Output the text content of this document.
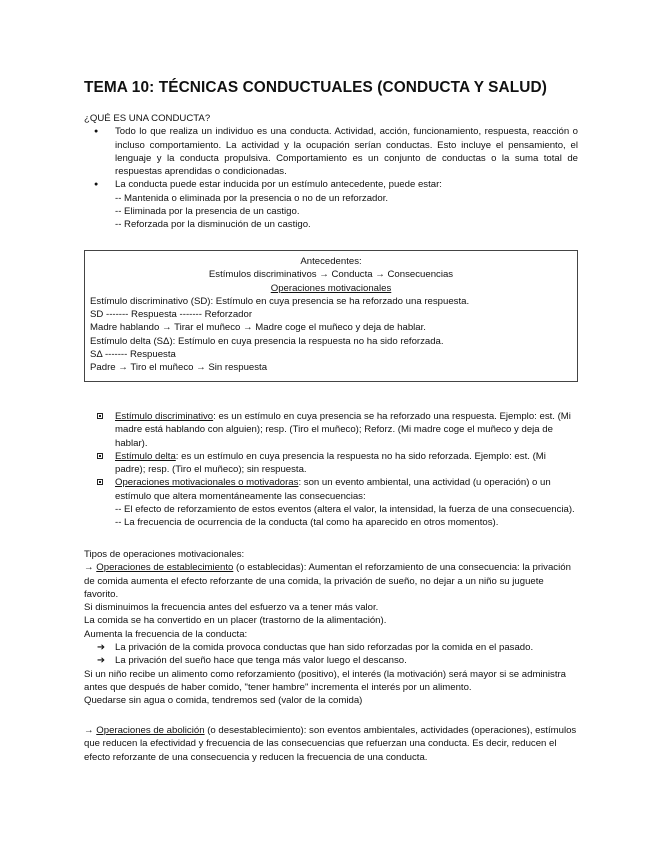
TEMA 10: TÉCNICAS CONDUCTUALES (CONDUCTA Y SALUD)
¿QUÉ ES UNA CONDUCTA?
● Todo lo que realiza un individuo es una conducta. Actividad, acción, funcionamiento, respuesta, reacción o incluso comportamiento. La actividad y la ocupación serían conductas. Esto incluye el pensamiento, el lenguaje y la conducta propulsiva. Comportamiento es un conjunto de conductas o la suma total de respuestas aprendidas o condicionadas.
● La conducta puede estar inducida por un estímulo antecedente, puede estar:
-- Mantenida o eliminada por la presencia o no de un reforzador.
-- Eliminada por la presencia de un castigo.
-- Reforzada por la disminución de un castigo.
Antecedentes:
Estímulos discriminativos → Conducta → Consecuencias
Operaciones motivacionales
Estímulo discriminativo (SD): Estímulo en cuya presencia se ha reforzado una respuesta.
SD ------- Respuesta ------- Reforzador
Madre hablando → Tirar el muñeco → Madre coge el muñeco y deja de hablar.
Estímulo delta (SΔ): Estímulo en cuya presencia la respuesta no ha sido reforzada.
SΔ ------- Respuesta
Padre → Tiro el muñeco → Sin respuesta
Estímulo discriminativo: es un estímulo en cuya presencia se ha reforzado una respuesta. Ejemplo: est. (Mi madre está hablando con alguien); resp. (Tiro el muñeco); Reforz. (Mi madre coge el muñeco y deja de hablar).
Estímulo delta: es un estímulo en cuya presencia la respuesta no ha sido reforzada. Ejemplo: est. (Mi padre); resp. (Tiro el muñeco); sin respuesta.
Operaciones motivacionales o motivadoras: son un evento ambiental, una actividad (u operación) o un estímulo que altera momentáneamente las consecuencias:
-- El efecto de reforzamiento de estos eventos (altera el valor, la intensidad, la fuerza de una consecuencia).
-- La frecuencia de ocurrencia de la conducta (tal como ha aparecido en otros momentos).
Tipos de operaciones motivacionales:
→ Operaciones de establecimiento (o establecidas): Aumentan el reforzamiento de una consecuencia: la privación de comida aumenta el efecto reforzante de una comida, la privación de sueño, no dejar a un niño su juguete favorito.
Si disminuimos la frecuencia antes del esfuerzo va a tener más valor.
La comida se ha convertido en un placer (trastorno de la alimentación).
Aumenta la frecuencia de la conducta:
➔ La privación de la comida provoca conductas que han sido reforzadas por la comida en el pasado.
➔ La privación del sueño hace que tenga más valor luego el descanso.
Si un niño recibe un alimento como reforzamiento (positivo), el interés (la motivación) será mayor si se administra antes que después de haber comido, "tener hambre" incrementa el interés por un alimento.
Quedarse sin agua o comida, tendremos sed (valor de la comida)
→ Operaciones de abolición (o desestablecimiento): son eventos ambientales, actividades (operaciones), estímulos que reducen la efectividad y frecuencia de las consecuencias que refuerzan una conducta. Es decir, reducen el efecto reforzante de una consecuencia y reducen la frecuencia de una conducta.
